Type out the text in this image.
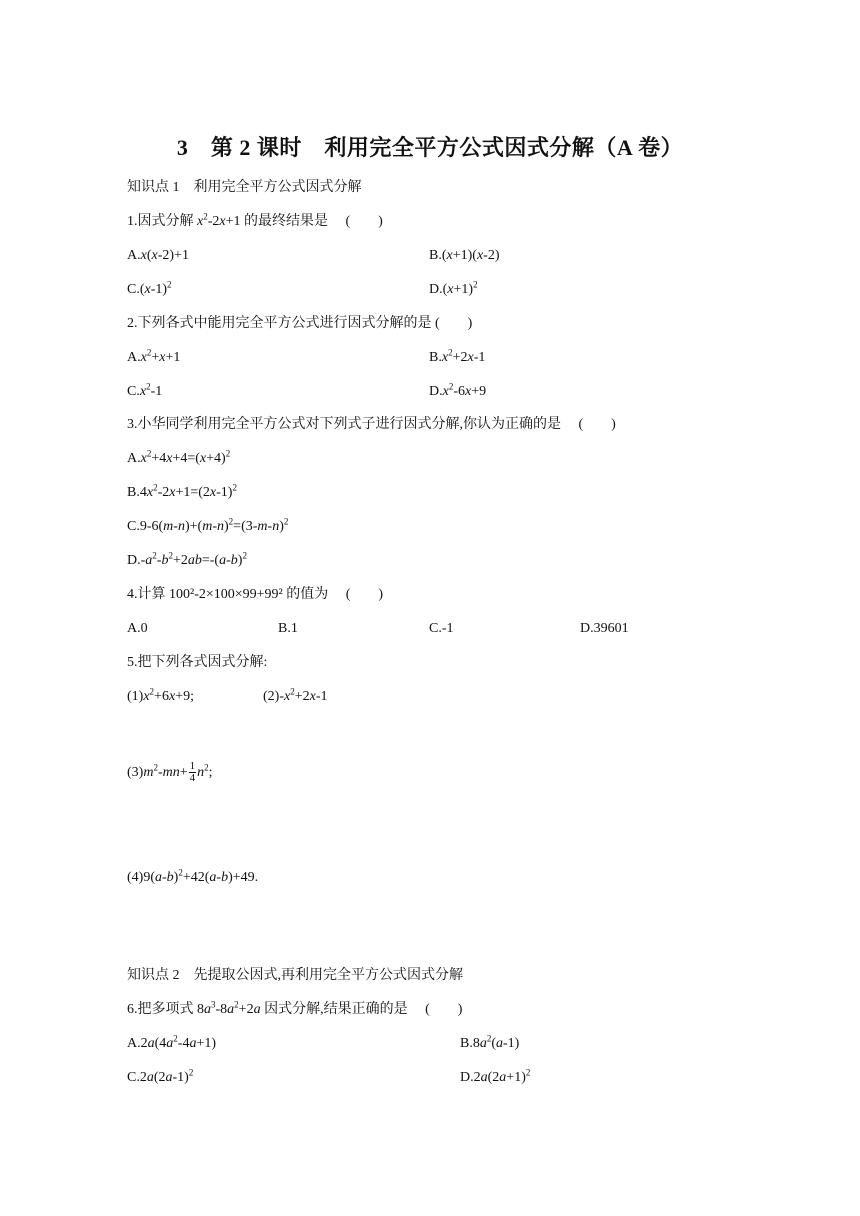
3　第 2 课时　利用完全平方公式因式分解（A 卷）
知识点 1　利用完全平方公式因式分解
1.因式分解 $x^2-2x+1$ 的最终结果是　 (　　)
A.x(x-2)+1	B.(x+1)(x-2)
$C.(x-1)^2$	$D.(x+1)^2$
2.下列各式中能用完全平方公式进行因式分解的是 (　　)
$A.x^2+x+1$	$B.x^2+2x-1$
$C.x^2-1$	$D.x^2-6x+9$
3.小华同学利用完全平方公式对下列式子进行因式分解,你认为正确的是　 (　　)
$A.x^2+4x+4=(x+4)^2$
$B.4x^2-2x+1=(2x-1)^2$
$C.9-6(m-n)+(m-n)^2=(3-m-n)^2$
$D.-a^2-b^2+2ab=-(a-b)^2$
4.计算 100²-2×100×99+99² 的值为　 (　　)
A.0	B.1	C.-1	D.39601
5.把下列各式因式分解:
$(1)x^2+6x+9$;	$(2)-x^2+2x-1$
$(3)m^2-mn+ \frac{1}{4} n^2$;
$(4)9(a-b)^2+42(a-b)+49$.
知识点 2　先提取公因式,再利用完全平方公式因式分解
6.把多项式 $8a^3-8a^2+2a$ 因式分解,结果正确的是　 (　　)
$A.2a(4a^2-4a+1)$	$B.8a^2(a-1)$
$C.2a(2a-1)^2$	$D.2a(2a+1)^2$
